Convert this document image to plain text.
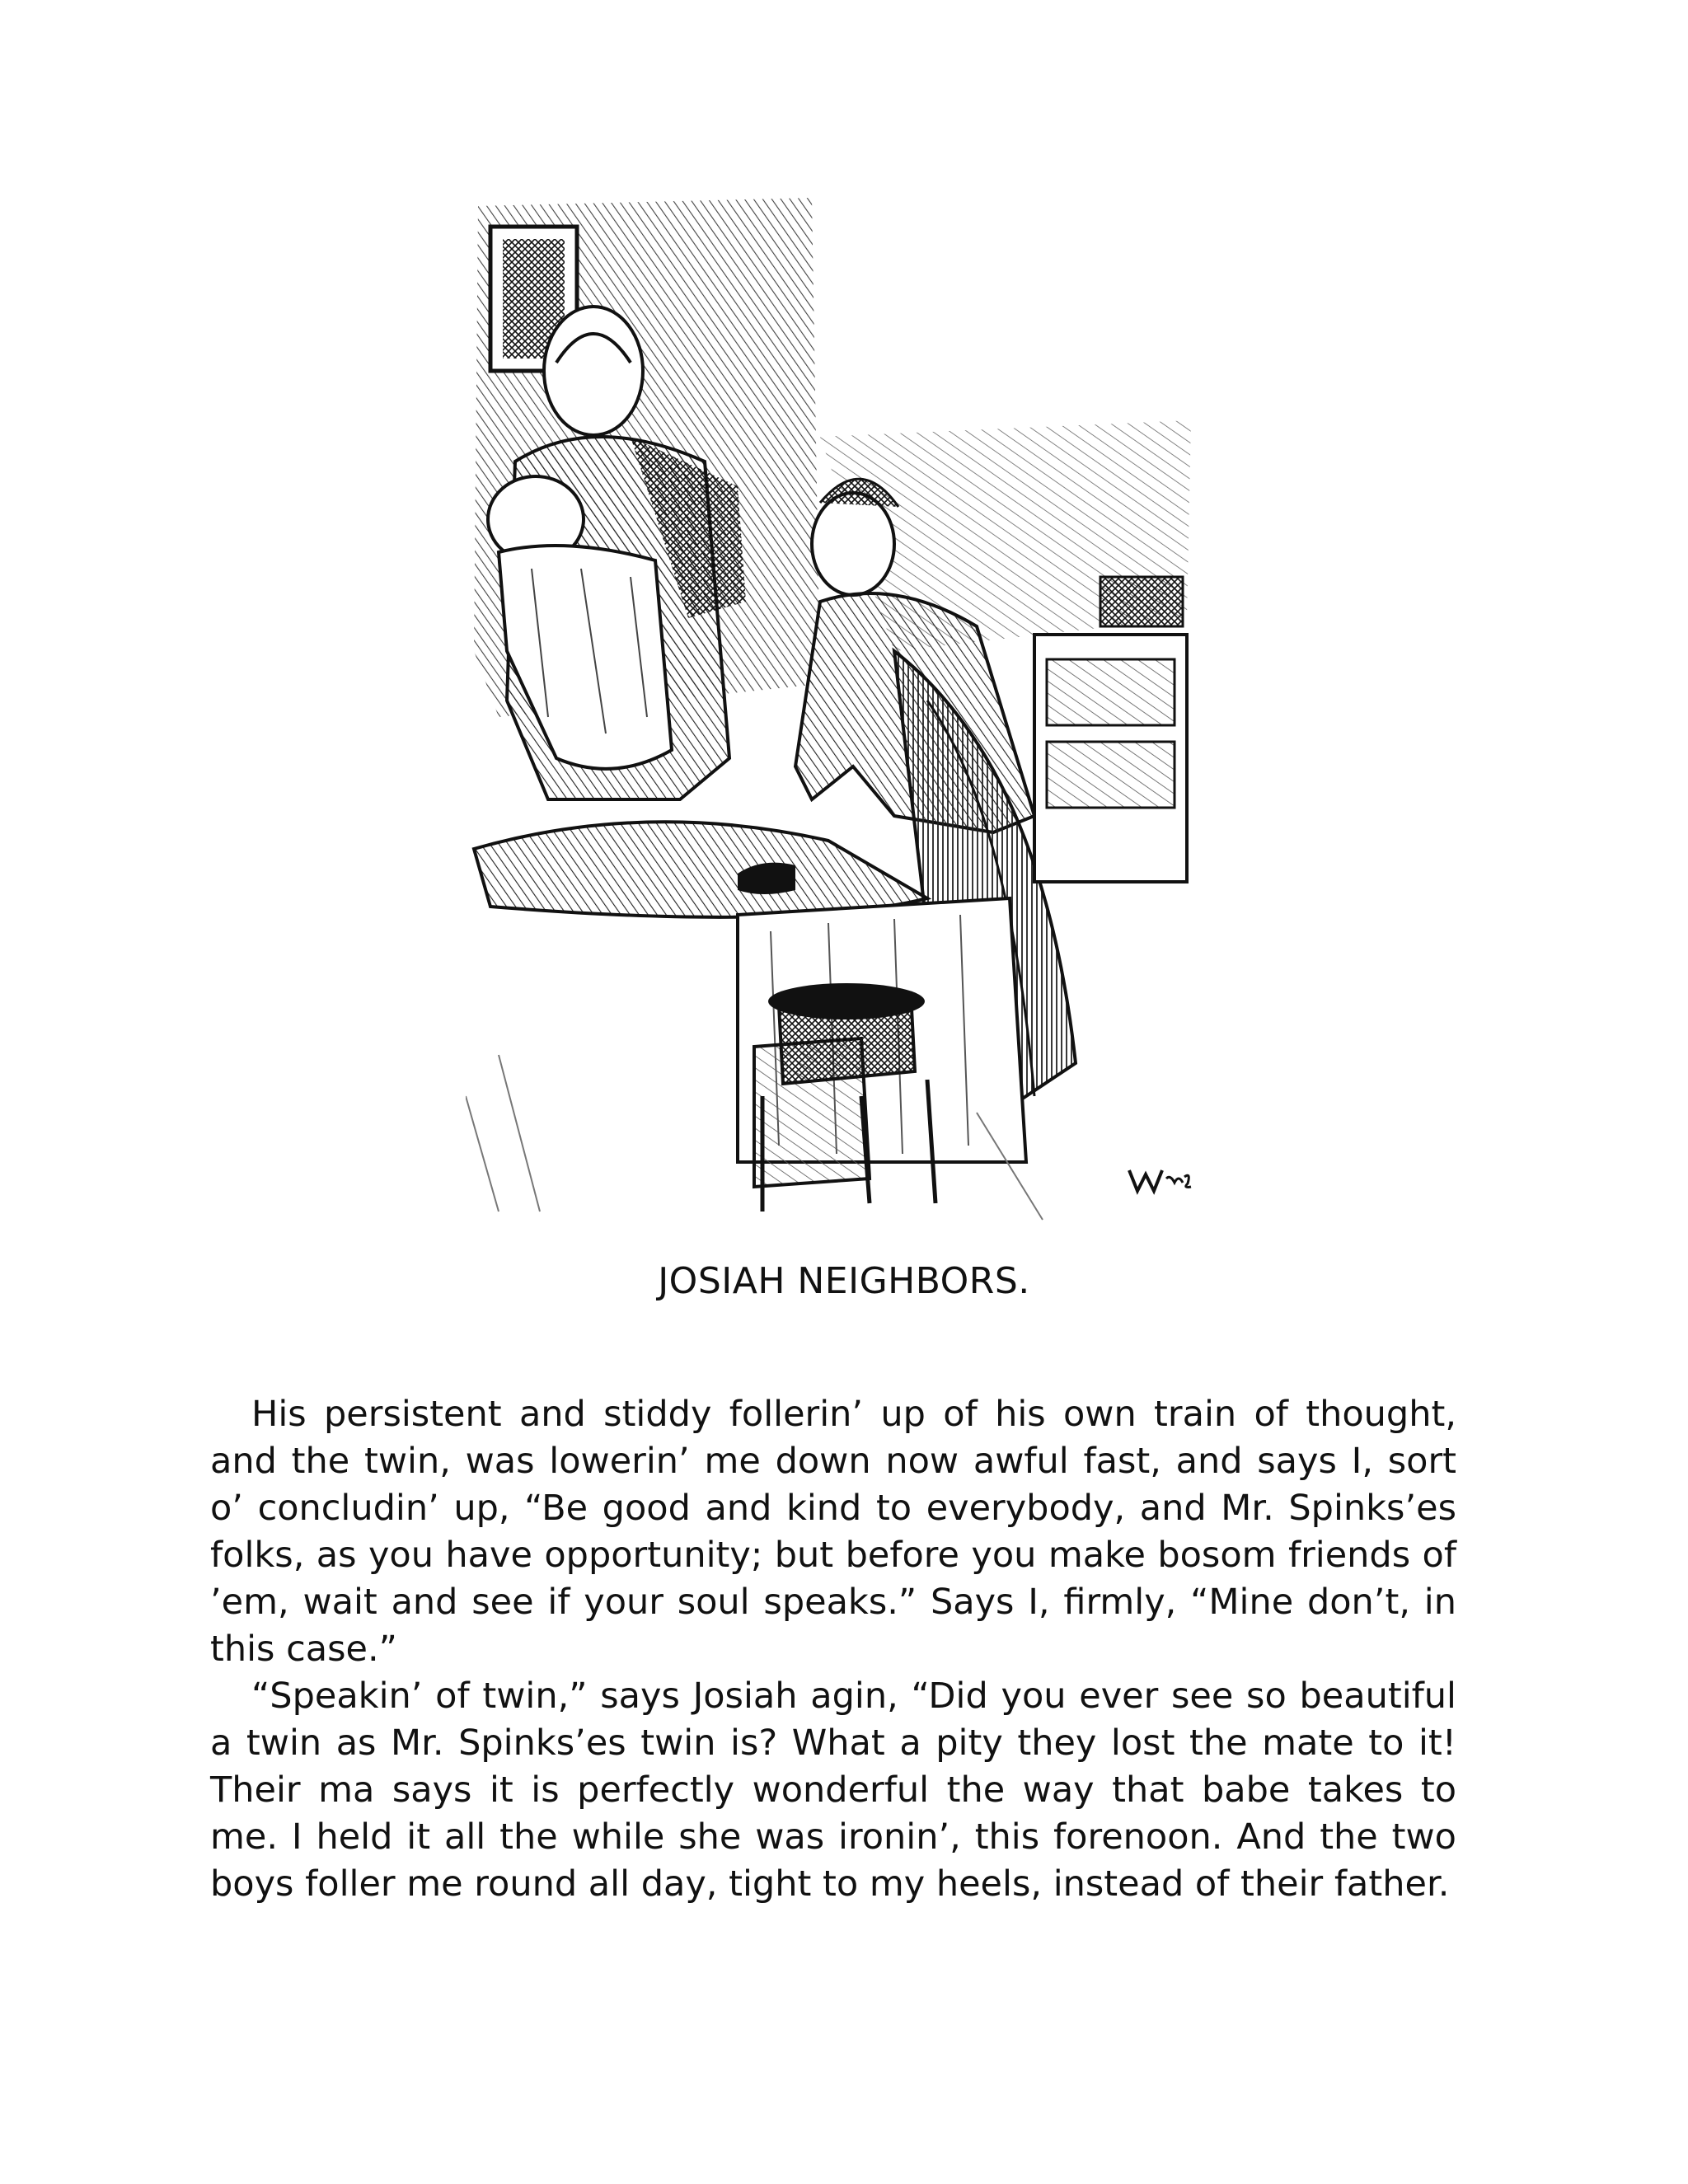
JOSIAH NEIGHBORS.

His persistent and stiddy follerin’ up of his own train of thought, and the twin, was lowerin’ me down now awful fast, and says I, sort o’ concludin’ up, “Be good and kind to everybody, and Mr. Spinks’es folks, as you have opportunity; but before you make bosom friends of ’em, wait and see if your soul speaks.” Says I, firmly, “Mine don’t, in this case.”

“Speakin’ of twin,” says Josiah agin, “Did you ever see so beautiful a twin as Mr. Spinks’es twin is? What a pity they lost the mate to it! Their ma says it is perfectly wonderful the way that babe takes to me. I held it all the while she was ironin’, this forenoon. And the two boys foller me round all day, tight to my heels, instead of their father.
